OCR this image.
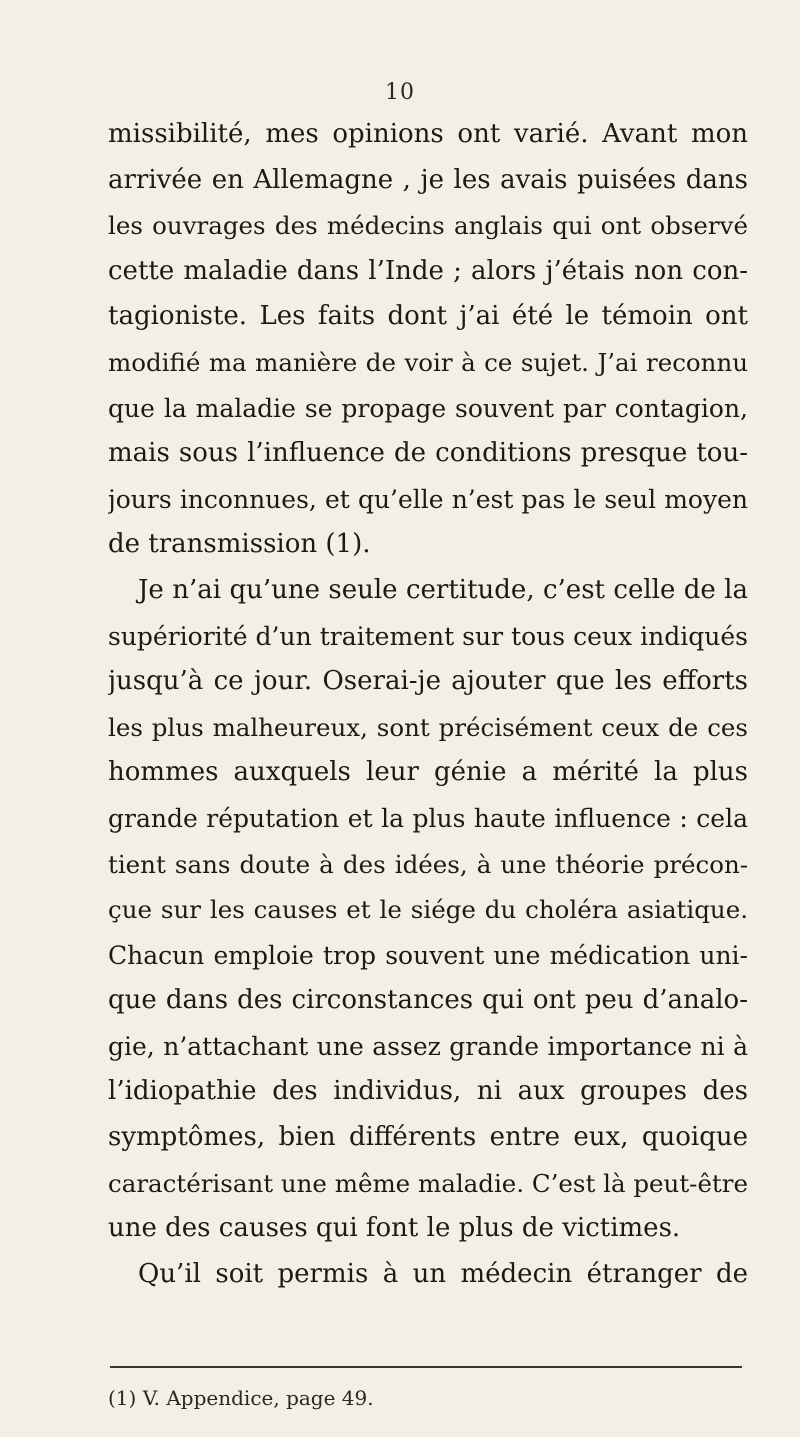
10
missibilité, mes opinions ont varié. Avant mon
arrivée en Allemagne , je les avais puisées dans
les ouvrages des médecins anglais qui ont observé
cette maladie dans l’Inde ; alors j’étais non con-
tagioniste. Les faits dont j’ai été le témoin ont
modifié ma manière de voir à ce sujet. J’ai reconnu
que la maladie se propage souvent par contagion,
mais sous l’influence de conditions presque tou-
jours inconnues, et qu’elle n’est pas le seul moyen
de transmission (1).
Je n’ai qu’une seule certitude, c’est celle de la
supériorité d’un traitement sur tous ceux indiqués
jusqu’à ce jour. Oserai-je ajouter que les efforts
les plus malheureux, sont précisément ceux de ces
hommes auxquels leur génie a mérité la plus
grande réputation et la plus haute influence : cela
tient sans doute à des idées, à une théorie précon-
çue sur les causes et le siége du choléra asiatique.
Chacun emploie trop souvent une médication uni-
que dans des circonstances qui ont peu d’analo-
gie, n’attachant une assez grande importance ni à
l’idiopathie des individus, ni aux groupes des
symptômes, bien différents entre eux, quoique
caractérisant une même maladie. C’est là peut-être
une des causes qui font le plus de victimes.
Qu’il soit permis à un médecin étranger de
(1) V. Appendice, page 49.
